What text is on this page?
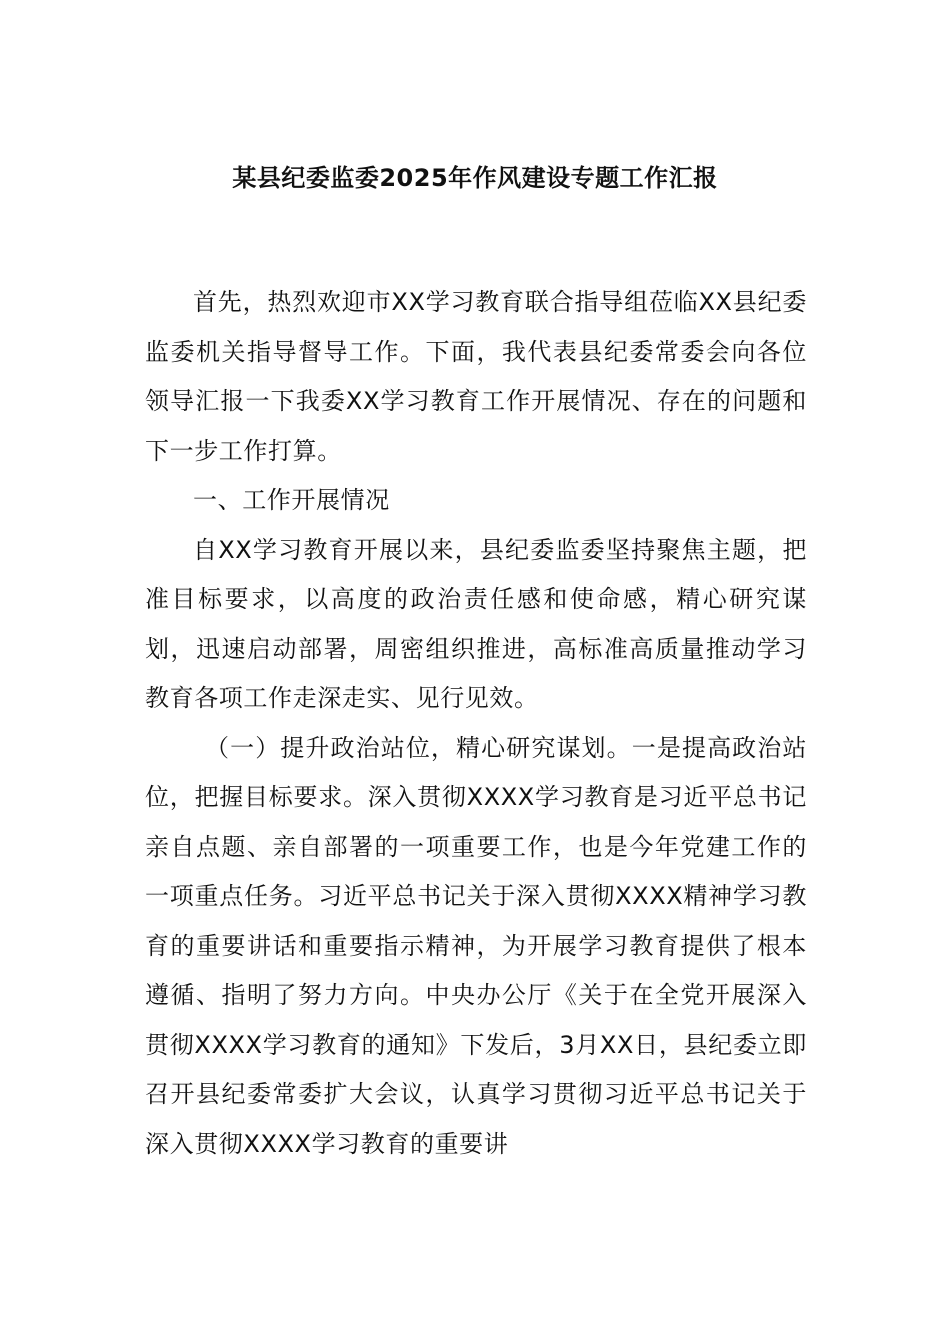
某县纪委监委2025年作风建设专题工作汇报

首先，热烈欢迎市XX学习教育联合指导组莅临XX县纪委监委机关指导督导工作。下面，我代表县纪委常委会向各位领导汇报一下我委XX学习教育工作开展情况、存在的问题和下一步工作打算。

一、工作开展情况

自XX学习教育开展以来，县纪委监委坚持聚焦主题，把准目标要求，以高度的政治责任感和使命感，精心研究谋划，迅速启动部署，周密组织推进，高标准高质量推动学习教育各项工作走深走实、见行见效。

（一）提升政治站位，精心研究谋划。一是提高政治站位，把握目标要求。深入贯彻XXXX学习教育是习近平总书记亲自点题、亲自部署的一项重要工作，也是今年党建工作的一项重点任务。习近平总书记关于深入贯彻XXXX精神学习教育的重要讲话和重要指示精神，为开展学习教育提供了根本遵循、指明了努力方向。中央办公厅《关于在全党开展深入贯彻XXXX学习教育的通知》下发后，3月XX日，县纪委立即召开县纪委常委扩大会议，认真学习贯彻习近平总书记关于深入贯彻XXXX学习教育的重要讲
